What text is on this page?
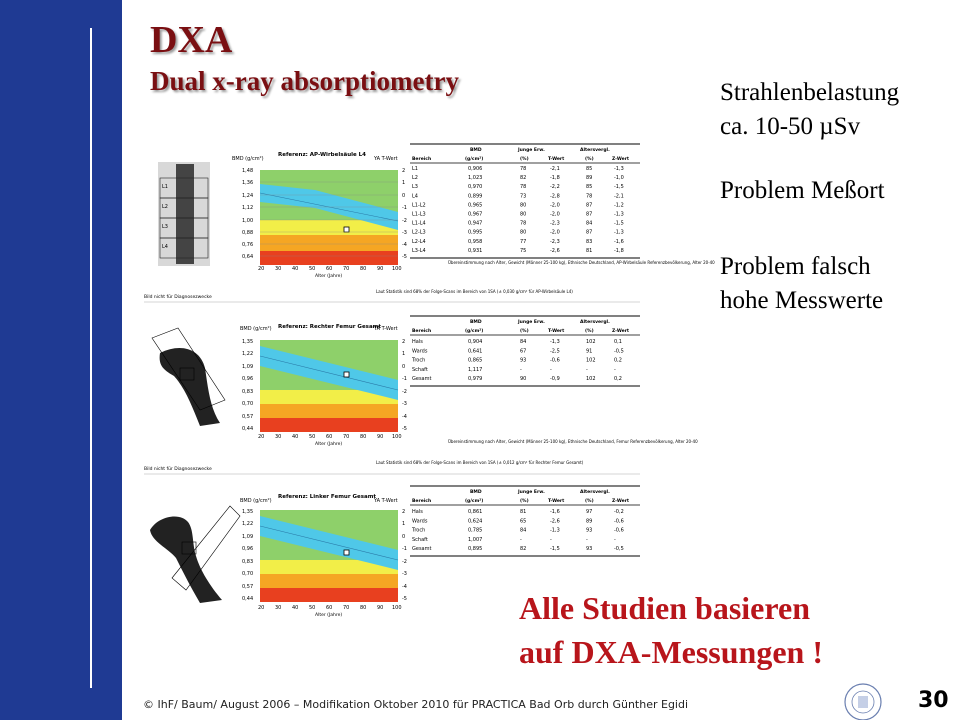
DXA
Dual x-ray absorptiometry	Strahlenbelastung
ca. 10-50 µSv
Problem Meßort
Problem falsch
hohe Messwerte
L1
L2
L3
L4
BMD (g/cm²)
Referenz: AP-Wirbelsäule L4
YA T-Wert
1,48
1,36
1,24
1,12
1,00
0,88
0,76
0,64
2
1
0
-1
-2
-3
-4
-5
20 30 40 50 60 70 80 90 100
Alter (Jahre)
Bereich
BMD
(g/cm²)
Junge Erw.
(%)	T-Wert
Altersvergl.
(%)	Z-Wert
L1	0,906	78	-2,1	85	-1,3
L2	1,023	82	-1,8	89	-1,0
L3	0,970	78	-2,2	85	-1,5
L4	0,899	73	-2,8	78	-2,1
L1-L2	0,965	80	-2,0	87	-1,2
L1-L3	0,967	80	-2,0	87	-1,3
L1-L4	0,947	78	-2,3	84	-1,5
L2-L3	0,995	80	-2,0	87	-1,3
L2-L4	0,958	77	-2,3	83	-1,6
L3-L4	0,931	75	-2,6	81	-1,8
Übereinstimmung nach Alter, Gewicht (Männer 25-100 kg), Ethnische Deutschland, AP-Wirbelsäule Referenzbevölkerung, Alter 20-40
Laut Statistik sind 68% der Folge-Scans im Bereich von 1SA (± 0,030 g/cm² für AP-Wirbelsäule L4)
Bild nicht für Diagnosezwecke
BMD (g/cm²) Referenz: Rechter Femur Gesamt
YA T-Wert
1,35
1,22
1,09
0,96
0,83
0,70
0,57
0,44
2
1
0
-1
-2
-3
-4
-5
20 30 40 50 60 70 80 90 100
Alter (Jahre)
Bereich
BMD
(g/cm²)
Junge Erw.
(%)	T-Wert
Altersvergl.
(%)	Z-Wert
Hals	0,904	84	-1,3	102	0,1
Wards	0,641	67	-2,5	91	-0,5
Troch	0,865	93	-0,6	102	0,2
Schaft	1,117	-	-	-	-
Gesamt	0,979	90	-0,9	102	0,2
Übereinstimmung nach Alter, Gewicht (Männer 25-100 kg), Ethnische Deutschland, Femur Referenzbevölkerung, Alter 20-40
Laut Statistik sind 68% der Folge-Scans im Bereich von 1SA (± 0,012 g/cm² für Rechter Femur Gesamt)
Bild nicht für Diagnosezwecke
BMD (g/cm²)
Referenz: Linker Femur Gesamt
YA T-Wert
1,35
1,22
1,09
0,96
0,83
0,70
0,57
0,44
2
1
0
-1
-2
-3
-4
-5
20 30 40 50 60 70 80 90 100
Alter (Jahre)
Bereich
BMD
(g/cm²)
Junge Erw.
(%)	T-Wert
Altersvergl.
(%)	Z-Wert
Hals	0,861	81	-1,6	97	-0,2
Wards	0,624	65	-2,6	89	-0,6
Troch	0,785	84	-1,3	93	-0,6
Schaft	1,007	-	-	-	-
Gesamt	0,895	82	-1,5	93	-0,5
Alle Studien basieren
auf DXA-Messungen !
30
© IhF/ Baum/ August 2006 – Modifikation Oktober 2010 für PRACTICA Bad Orb durch Günther Egidi
